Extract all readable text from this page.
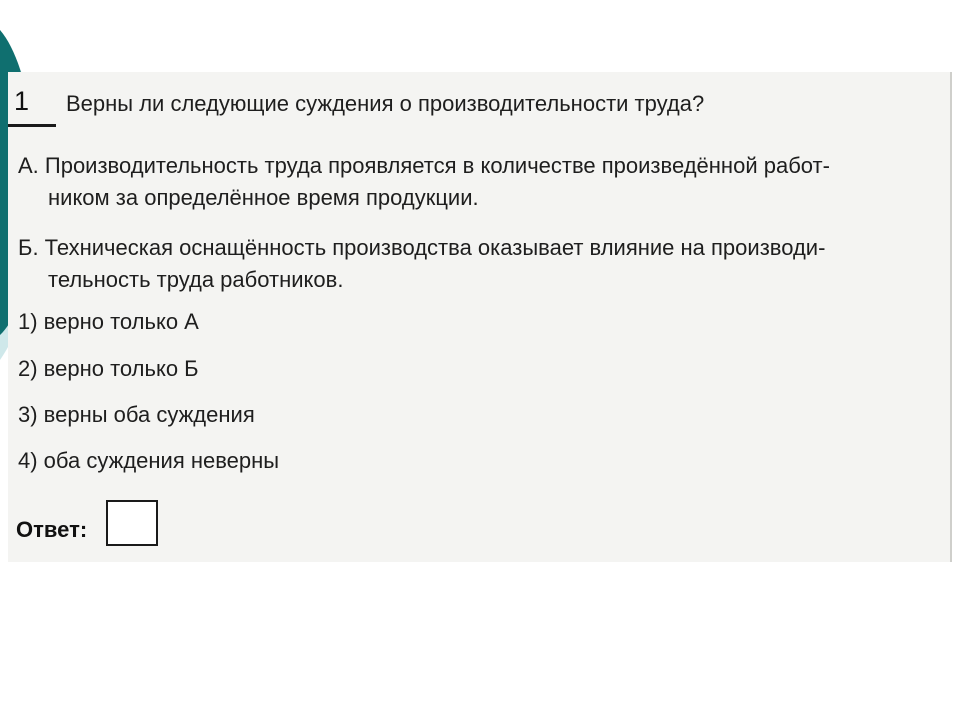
1 Верны ли следующие суждения о производительности труда?
А. Производительность труда проявляется в количестве произведённой работ-
ником за определённое время продукции.
Б. Техническая оснащённость производства оказывает влияние на производи-
тельность труда работников.
1) верно только А
2) верно только Б
3) верны оба суждения
4) оба суждения неверны
Ответ:
